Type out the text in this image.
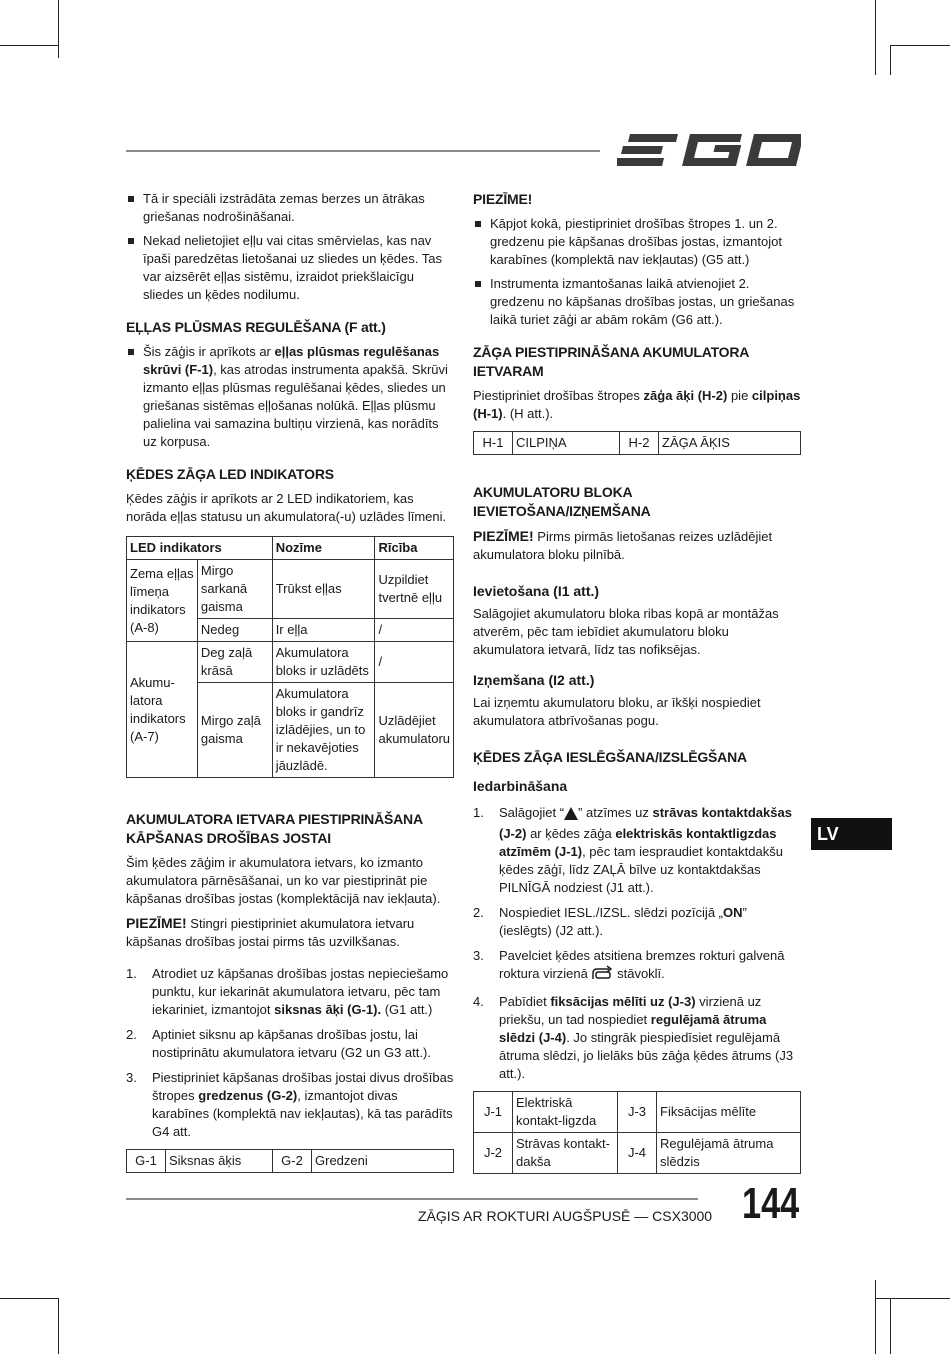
Tā ir speciāli izstrādāta zemas berzes un ātrākas griešanas nodrošināšanai.
Nekad nelietojiet eļļu vai citas smērvielas, kas nav īpaši paredzētas lietošanai uz sliedes un ķēdes. Tas var aizsērēt eļļas sistēmu, izraidot priekšlaicīgu sliedes un ķēdes nodilumu.
EĻĻAS PLŪSMAS REGULĒŠANA (F att.)
Šis zāģis ir aprīkots ar eļļas plūsmas regulēšanas skrūvi (F-1), kas atrodas instrumenta apakšā. Skrūvi izmanto eļļas plūsmas regulēšanai ķēdes, sliedes un griešanas sistēmas eļļošanas nolūkā. Eļļas plūsmu palielina vai samazina bultiņu virzienā, kas norādīts uz korpusa.
ĶĒDES ZĀĢA LED INDIKATORS

Ķēdes zāģis ir aprīkots ar 2 LED indikatoriem, kas norāda eļļas statusu un akumulatora(-u) uzlādes līmeni.

LED indikators		Nozīme	Rīcība
Zema eļļas līmeņa indikators (A-8)	Mirgo sarkanā gaisma	Trūkst eļļas	Uzpildiet tvertnē eļļu
	Nedeg	Ir eļļa	/
Akumu-latora indikators (A-7)	Deg zaļā krāsā	Akumulatora bloks ir uzlādēts	/
	Mirgo zaļā gaisma	Akumulatora bloks ir gandrīz izlādējies, un to ir nekavējoties jāuzlādē.	Uzlādējiet akumulatoru
AKUMULATORA IETVARA PIESTIPRINĀŠANA KĀPŠANAS DROŠĪBAS JOSTAI

Šim ķēdes zāģim ir akumulatora ietvars, ko izmanto akumulatora pārnēsāšanai, un ko var piestiprināt pie kāpšanas drošības jostas (komplektācijā nav iekļauta).

PIEZĪME! Stingri piestipriniet akumulatora ietvaru kāpšanas drošības jostai pirms tās uzvilkšanas.

1. Atrodiet uz kāpšanas drošības jostas nepieciešamo punktu, kur iekarināt akumulatora ietvaru, pēc tam iekariniet, izmantojot siksnas āķi (G-1). (G1 att.)
2. Aptiniet siksnu ap kāpšanas drošības jostu, lai nostiprinātu akumulatora ietvaru (G2 un G3 att.).
3. Piestipriniet kāpšanas drošības jostai divus drošības štropes gredzenus (G-2), izmantojot divas karabīnes (komplektā nav iekļautas), kā tas parādīts G4 att.
G-1	Siksnas āķis	G-2	Gredzeni
PIEZĪME!
Kāpjot kokā, piestipriniet drošības štropes 1. un 2. gredzenu pie kāpšanas drošības jostas, izmantojot karabīnes (komplektā nav iekļautas) (G5 att.)
Instrumenta izmantošanas laikā atvienojiet 2. gredzenu no kāpšanas drošības jostas, un griešanas laikā turiet zāģi ar abām rokām (G6 att.).
ZĀĢA PIESTIPRINĀŠANA AKUMULATORA IETVARAM

Piestipriniet drošības štropes zāģa āķi (H-2) pie cilpiņas (H-1). (H att.).

H-1	CILPIŅA	H-2	ZĀĢA ĀĶIS
AKUMULATORU BLOKA IEVIETOŠANA/IZŅEMŠANA

PIEZĪME! Pirms pirmās lietošanas reizes uzlādējiet akumulatora bloku pilnībā.

Ievietošana (I1 att.)

Salāgojiet akumulatoru bloka ribas kopā ar montāžas atverēm, pēc tam iebīdiet akumulatoru bloku akumulatora ietvarā, līdz tas nofiksējas.

Izņemšana (I2 att.)

Lai izņemtu akumulatoru bloku, ar īkšķi nospiediet akumulatora atbrīvošanas pogu.

ĶĒDES ZĀĢA IESLĒGŠANA/IZSLĒGŠANA
Iedarbināšana
1. Salāgojiet “ ” atzīmes uz strāvas kontaktdakšas (J-2) ar ķēdes zāģa elektriskās kontaktligzdas atzīmēm (J-1), pēc tam iespraudiet kontaktdakšu ķēdes zāģī, līdz ZAĻĀ bīlve uz kontaktdakšas PILNĪGĀ nodziest (J1 att.).
2. Nospiediet IESL./IZSL. slēdzi pozīcijā „ON” (ieslēgts) (J2 att.).
3. Pavelciet ķēdes atsitiena bremzes rokturi galvenā roktura virzienā  stāvoklī.
4. Pabīdiet fiksācijas mēlīti uz (J-3) virzienā uz priekšu, un tad nospiediet regulējamā ātruma slēdzi (J-4). Jo stingrāk piespiedīsiet regulējamā ātruma slēdzi, jo lielāks būs zāģa ķēdes ātrums (J3 att.).
J-1	Elektriskā kontakt-ligzda	J-3	Fiksācijas mēlīte
J-2	Strāvas kontakt-dakša	J-4	Regulējamā ātruma slēdzis
LV
ZĀĢIS AR ROKTURI AUGŠPUSĒ — CSX3000 144
